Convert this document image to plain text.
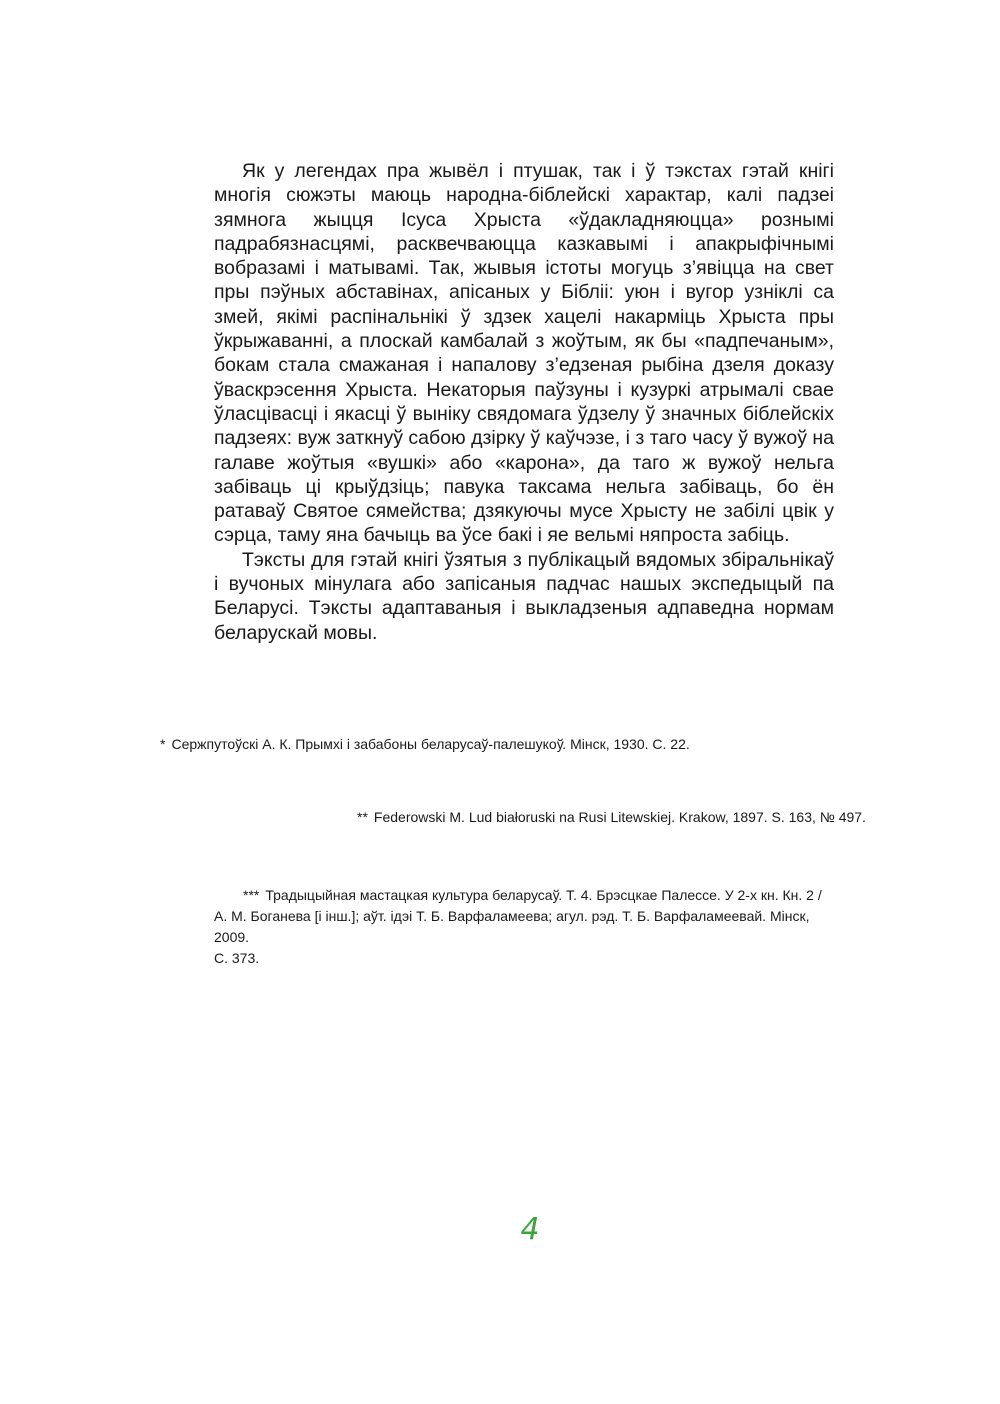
Як у легендах пра жывёл і птушак, так і ў тэкстах гэтай кнігі многія сюжэты маюць народна-біблейскі характар, калі падзеі зямнога жыцця Ісуса Хрыста «ўдакладняюцца» рознымі падрабязнасцямі, расквечваюцца казкавымі і апакрыфічнымі вобразамі і матывамі. Так, жывыя істоты могуць з’явіцца на свет пры пэўных абставінах, апісаных у Бібліі: уюн і вугор узніклі са змей, якімі распінальнікі ў здзек хацелі накарміць Хрыста пры ўкрыжаванні, а плоскай камбалай з жоўтым, як бы «падпечаным», бокам стала смажаная і напалову з’едзеная рыбіна дзеля доказу ўваскрэсення Хрыста. Некаторыя паўзуны і кузуркі атрымалі свае ўласцівасці і якасці ў выніку свядомага ўдзелу ў значных біблейскіх падзеях: вуж заткнуў сабою дзірку ў каўчэзе, і з таго часу ў вужоў на галаве жоўтыя «вушкі» або «карона», да таго ж вужоў нельга забіваць ці крыўдзіць; павука таксама нельга забіваць, бо ён ратаваў Святое сямейства; дзякуючы мусе Хрысту не забілі цвік у сэрца, таму яна бачыць ва ўсе бакі і яе вельмі няпроста забіць.

Тэксты для гэтай кнігі ўзятыя з публікацый вядомых збіральнікаў і вучоных мінулага або запісаныя падчас нашых экспедыцый па Беларусі. Тэксты адаптаваныя і выкладзеныя адпаведна нормам беларускай мовы.

* Сержпутоўскі А. К. Прымхі і забабоны беларусаў-палешукоў. Мінск, 1930. С. 22.
** Federowski M. Lud białoruski na Rusi Litewskiej. Krakow, 1897. S. 163, № 497.
*** Традыцыйная мастацкая культура беларусаў. Т. 4. Брэсцкае Палессе. У 2-х кн. Кн. 2 /
А. М. Боганева [і інш.]; аўт. ідэі Т. Б. Варфаламеева; агул. рэд. Т. Б. Варфаламеевай. Мінск, 2009.
С. 373.
4
